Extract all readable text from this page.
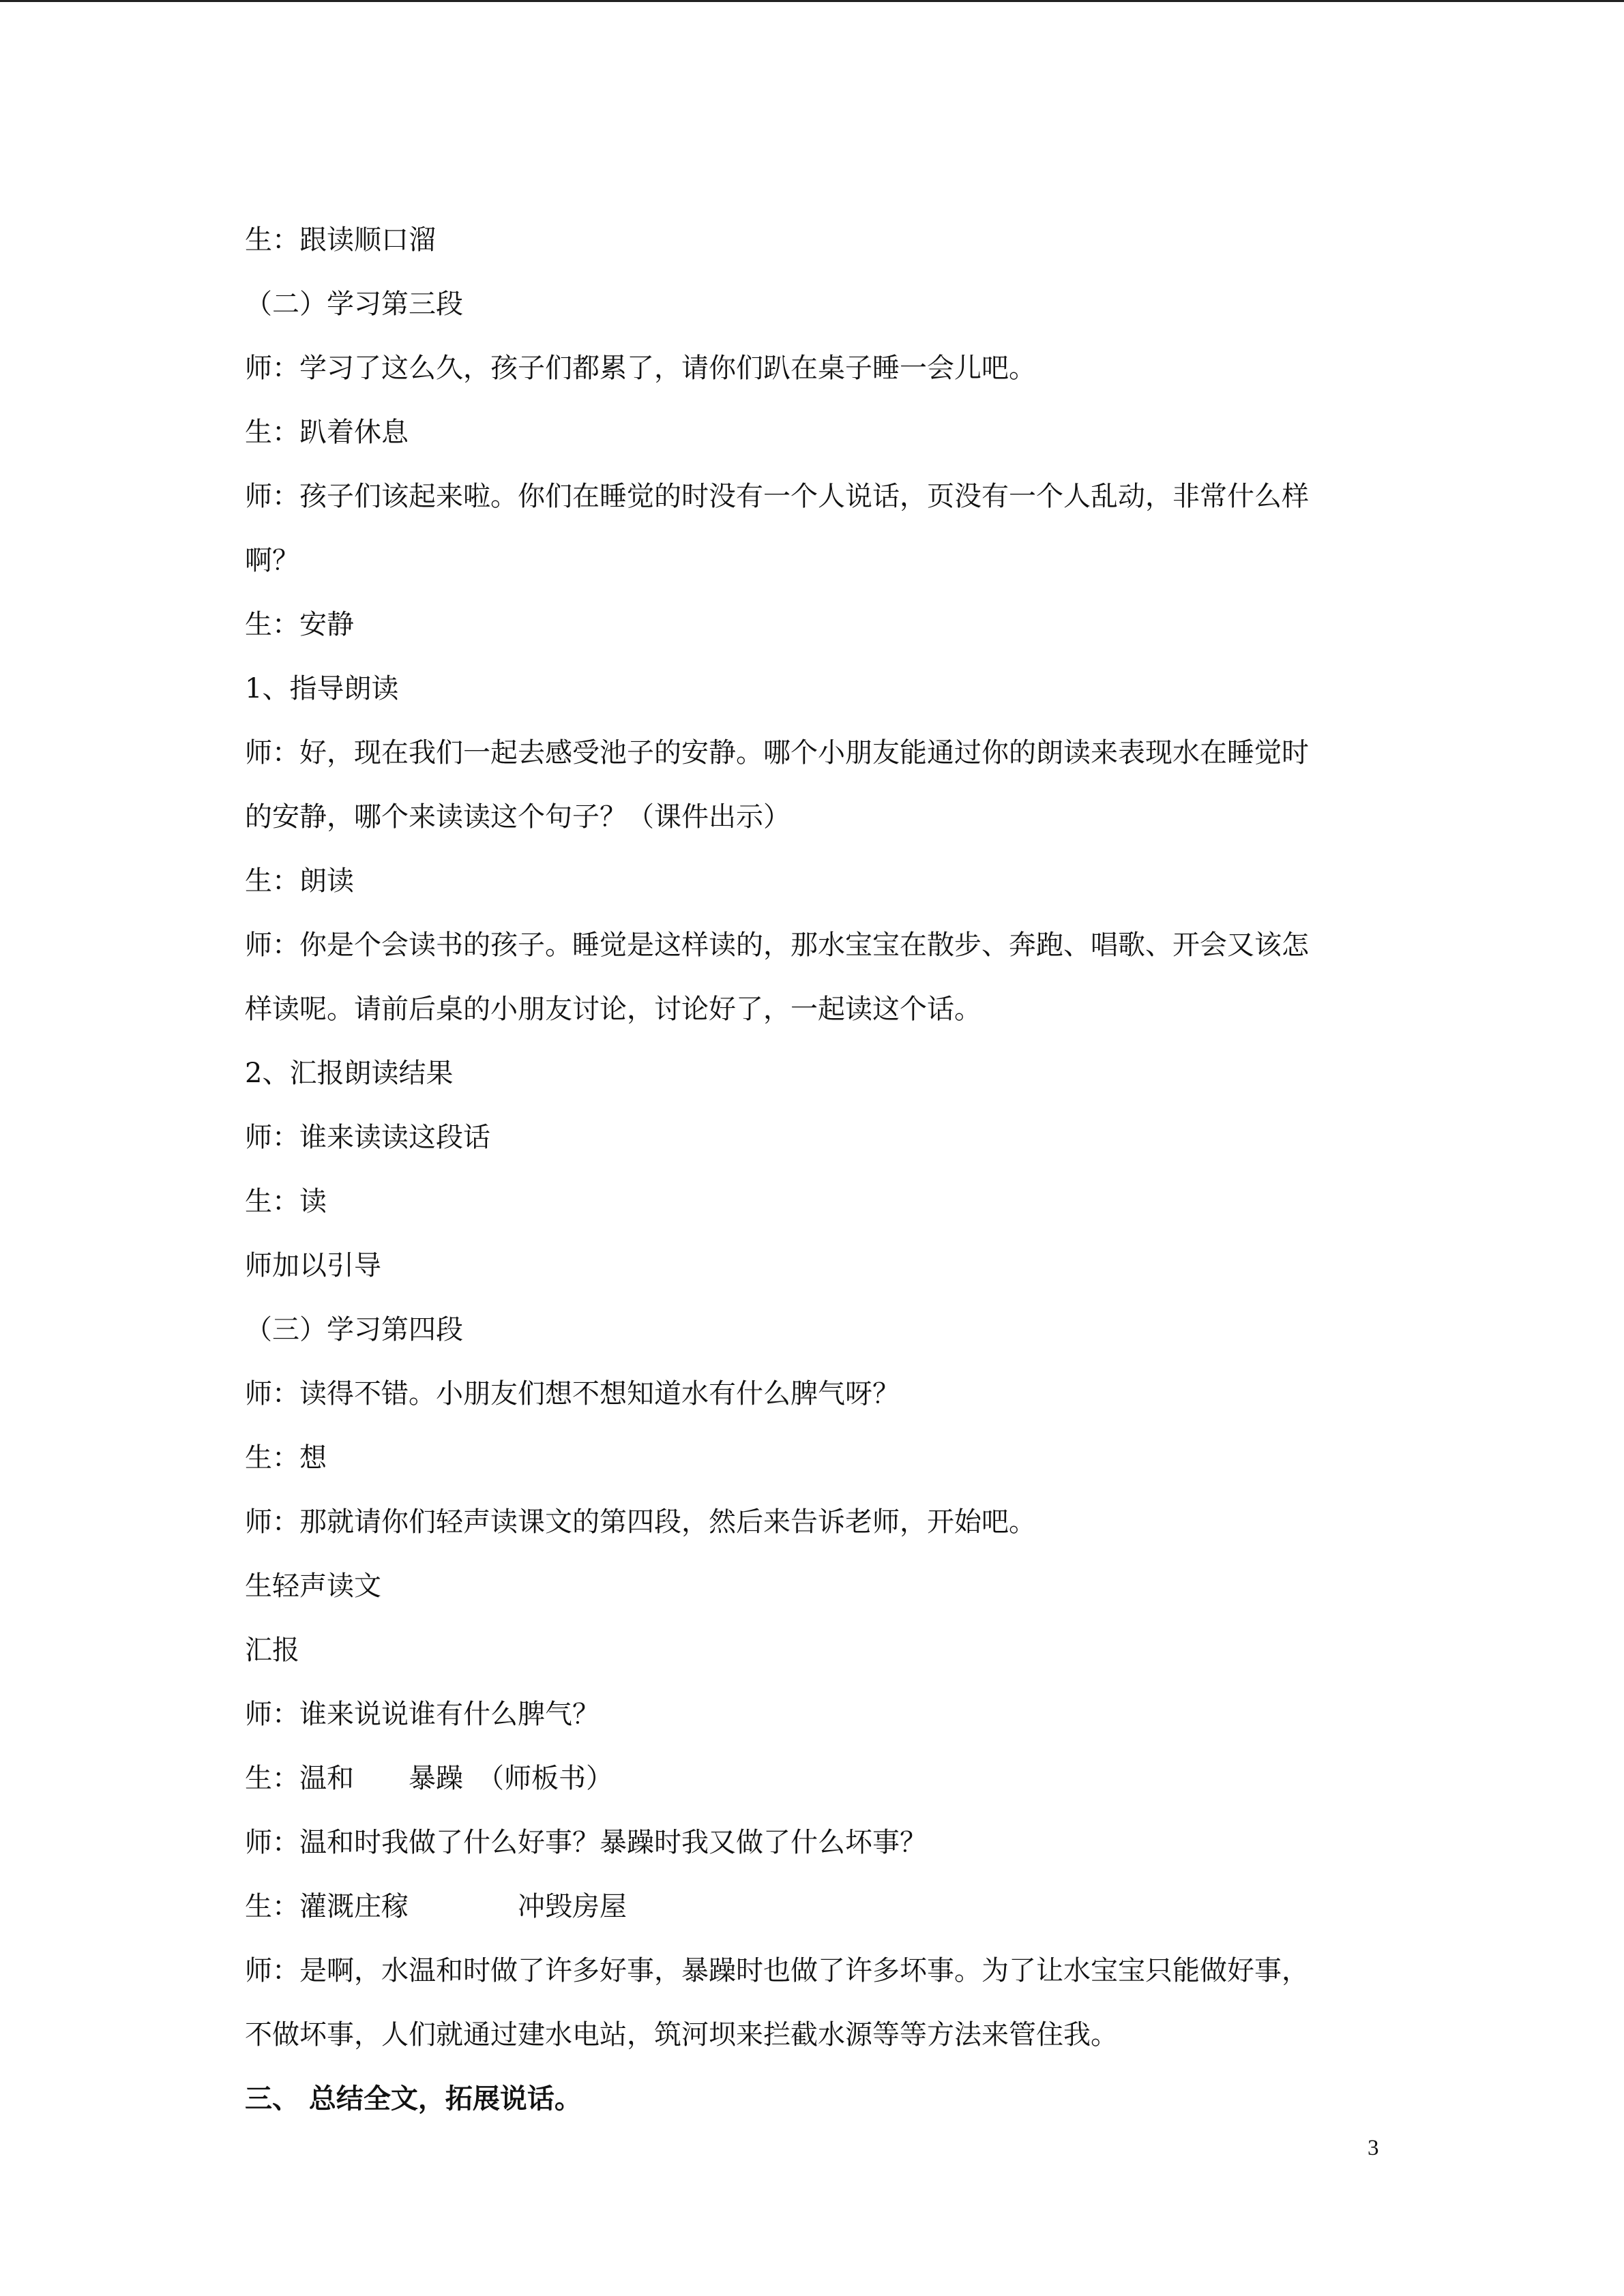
生：跟读顺口溜

（二）学习第三段

师：学习了这么久，孩子们都累了，请你们趴在桌子睡一会儿吧。

生：趴着休息

师：孩子们该起来啦。你们在睡觉的时没有一个人说话，页没有一个人乱动，非常什么样

啊？

生：安静

1、指导朗读

师：好，现在我们一起去感受池子的安静。哪个小朋友能通过你的朗读来表现水在睡觉时

的安静，哪个来读读这个句子？（课件出示）

生：朗读

师：你是个会读书的孩子。睡觉是这样读的，那水宝宝在散步、奔跑、唱歌、开会又该怎

样读呢。请前后桌的小朋友讨论，讨论好了，一起读这个话。

2、汇报朗读结果

师：谁来读读这段话

生：读

师加以引导

（三）学习第四段

师：读得不错。小朋友们想不想知道水有什么脾气呀？

生：想

师：那就请你们轻声读课文的第四段，然后来告诉老师，开始吧。

生轻声读文

汇报

师：谁来说说谁有什么脾气？

生：温和　　暴躁　（师板书）

师：温和时我做了什么好事？暴躁时我又做了什么坏事？

生：灌溉庄稼　　　　冲毁房屋

师：是啊，水温和时做了许多好事，暴躁时也做了许多坏事。为了让水宝宝只能做好事，

不做坏事，人们就通过建水电站，筑河坝来拦截水源等等方法来管住我。

三、 总结全文，拓展说话。

3
